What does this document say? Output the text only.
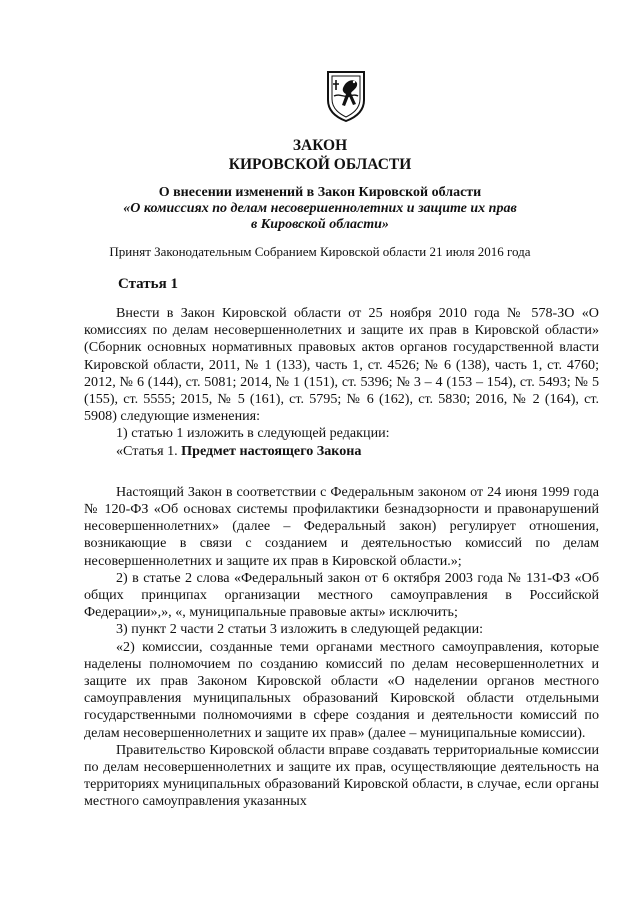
ЗАКОН
КИРОВСКОЙ ОБЛАСТИ
О внесении изменений в Закон Кировской области
«О комиссиях по делам несовершеннолетних и защите их прав
в Кировской области»
Принят Законодательным Собранием Кировской области 21 июля 2016 года
Статья 1

Внести в Закон Кировской области от 25 ноября 2010 года № 578-ЗО «О комиссиях по делам несовершеннолетних и защите их прав в Кировской области» (Сборник основных нормативных правовых актов органов государственной власти Кировской области, 2011, № 1 (133), часть 1, ст. 4526; № 6 (138), часть 1, ст. 4760; 2012, № 6 (144), ст. 5081; 2014, № 1 (151), ст. 5396; № 3 – 4 (153 – 154), ст. 5493; № 5 (155), ст. 5555; 2015, № 5 (161), ст. 5795; № 6 (162), ст. 5830; 2016, № 2 (164), ст. 5908) следующие изменения:

1) статью 1 изложить в следующей редакции:

«Статья 1. Предмет настоящего Закона

Настоящий Закон в соответствии с Федеральным законом от 24 июня 1999 года № 120-ФЗ «Об основах системы профилактики безнадзорности и правонарушений несовершеннолетних» (далее – Федеральный закон) регулирует отношения, возникающие в связи с созданием и деятельностью комиссий по делам несовершеннолетних и защите их прав в Кировской области.»;

2) в статье 2 слова «Федеральный закон от 6 октября 2003 года № 131-ФЗ «Об общих принципах организации местного самоуправления в Российской Федерации»,», «, муниципальные правовые акты» исключить;

3) пункт 2 части 2 статьи 3 изложить в следующей редакции:

«2) комиссии, созданные теми органами местного самоуправления, которые наделены полномочием по созданию комиссий по делам несовершеннолетних и защите их прав Законом Кировской области «О наделении органов местного самоуправления муниципальных образований Кировской области отдельными государственными полномочиями в сфере создания и деятельности комиссий по делам несовершеннолетних и защите их прав» (далее – муниципальные комиссии).

Правительство Кировской области вправе создавать территориальные комиссии по делам несовершеннолетних и защите их прав, осуществляющие деятельность на территориях муниципальных образований Кировской области, в случае, если органы местного самоуправления указанных
